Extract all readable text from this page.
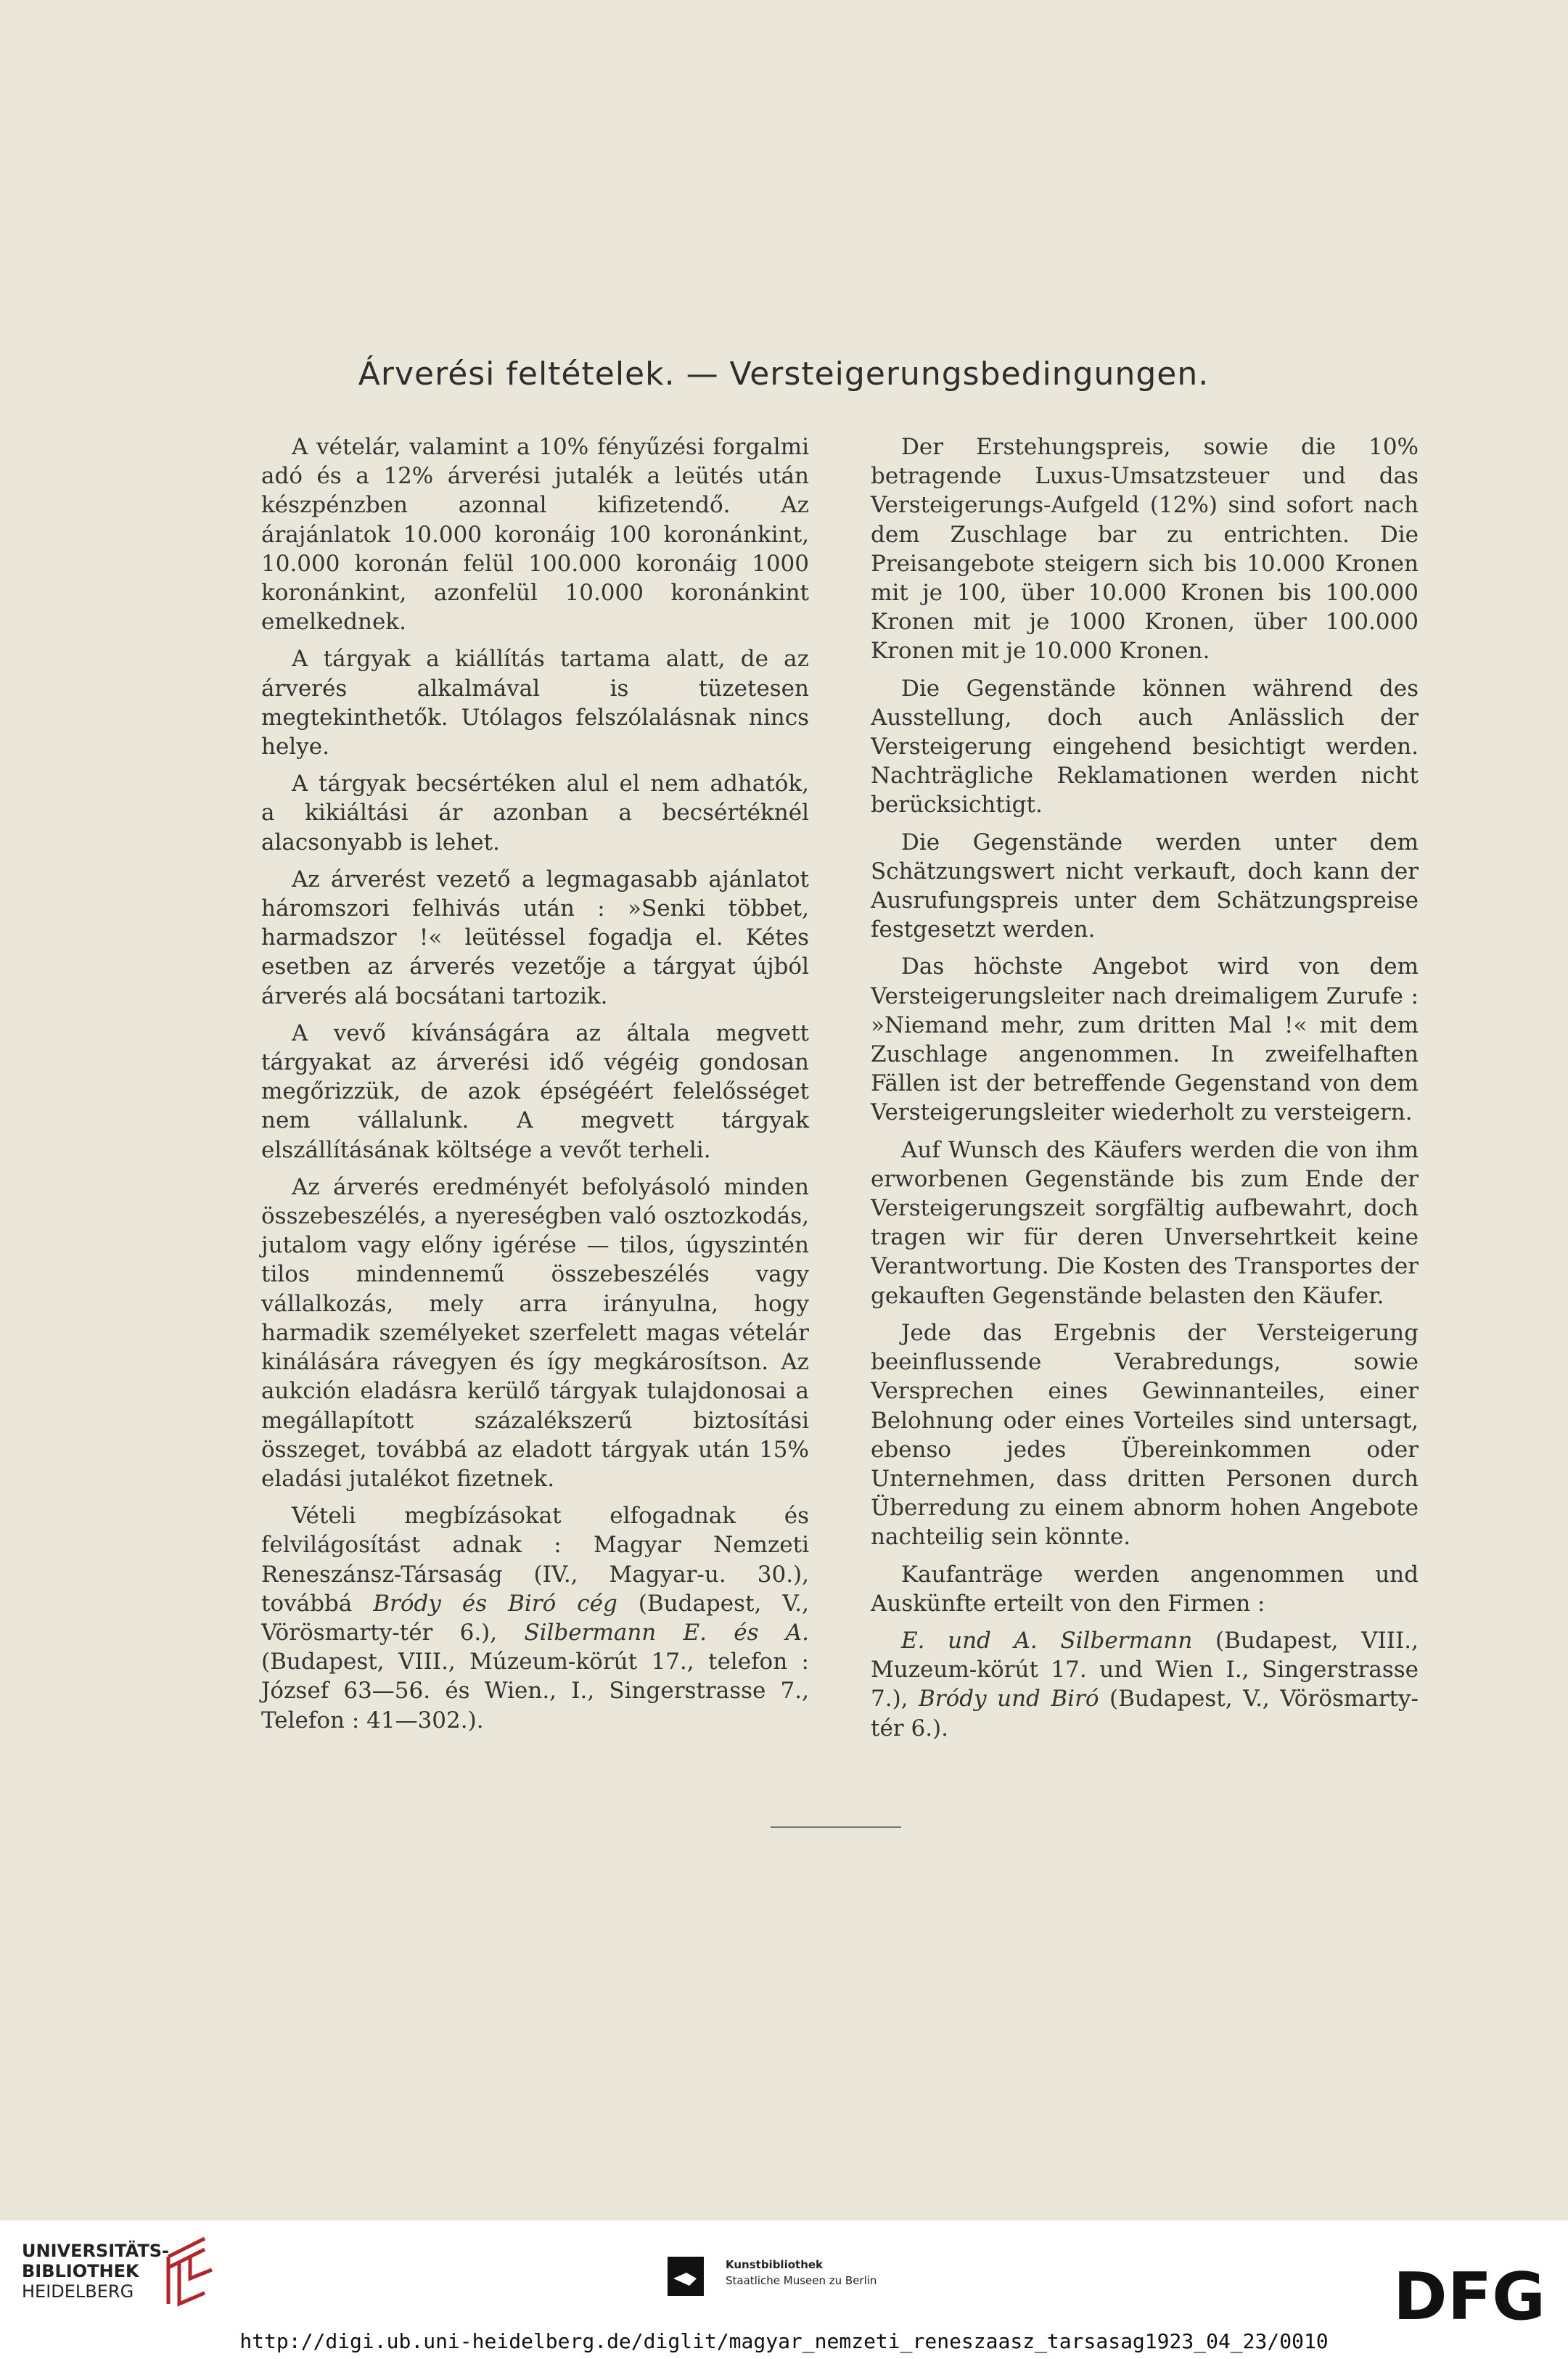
Árverési feltételek. — Versteigerungsbedingungen.

A vételár, valamint a 10% fényűzési forgalmi adó és a 12% árverési jutalék a leütés után készpénzben azonnal kifizetendő. Az árajánlatok 10.000 koronáig 100 koronánkint, 10.000 koronán felül 100.000 koronáig 1000 koronánkint, azonfelül 10.000 koronánkint emelkednek.

A tárgyak a kiállítás tartama alatt, de az árverés alkalmával is tüzetesen megtekinthetők. Utólagos felszólalásnak nincs helye.

A tárgyak becsértéken alul el nem adhatók, a kikiáltási ár azonban a becsértéknél alacsonyabb is lehet.

Az árverést vezető a legmagasabb ajánlatot háromszori felhivás után : »Senki többet, harmadszor !« leütéssel fogadja el. Kétes esetben az árverés vezetője a tárgyat újból árverés alá bocsátani tartozik.

A vevő kívánságára az általa megvett tárgyakat az árverési idő végéig gondosan megőrizzük, de azok épségéért felelősséget nem vállalunk. A megvett tárgyak elszállításának költsége a vevőt terheli.

Az árverés eredményét befolyásoló minden összebeszélés, a nyereségben való osztozkodás, jutalom vagy előny igérése — tilos, úgyszintén tilos mindennemű összebeszélés vagy vállalkozás, mely arra irányulna, hogy harmadik személyeket szerfelett magas vételár kinálására rávegyen és így megkárosítson. Az aukción eladásra kerülő tárgyak tulajdonosai a megállapított százalékszerű biztosítási összeget, továbbá az eladott tárgyak után 15% eladási jutalékot fizetnek.

Vételi megbízásokat elfogadnak és felvilágosítást adnak : Magyar Nemzeti Reneszánsz-Társaság (IV., Magyar-u. 30.), továbbá Bródy és Biró cég (Budapest, V., Vörösmarty-tér 6.), Silbermann E. és A. (Budapest, VIII., Múzeum-körút 17., telefon : József 63—56. és Wien., I., Singerstrasse 7., Telefon : 41—302.).

Der Erstehungspreis, sowie die 10% betragende Luxus-Umsatzsteuer und das Versteigerungs-Aufgeld (12%) sind sofort nach dem Zuschlage bar zu entrichten. Die Preisangebote steigern sich bis 10.000 Kronen mit je 100, über 10.000 Kronen bis 100.000 Kronen mit je 1000 Kronen, über 100.000 Kronen mit je 10.000 Kronen.

Die Gegenstände können während des Ausstellung, doch auch Anlässlich der Versteigerung eingehend besichtigt werden. Nachträgliche Reklamationen werden nicht berücksichtigt.

Die Gegenstände werden unter dem Schätzungswert nicht verkauft, doch kann der Ausrufungspreis unter dem Schätzungspreise festgesetzt werden.

Das höchste Angebot wird von dem Versteigerungsleiter nach dreimaligem Zurufe : »Niemand mehr, zum dritten Mal !« mit dem Zuschlage angenommen. In zweifelhaften Fällen ist der betreffende Gegenstand von dem Versteigerungsleiter wiederholt zu versteigern.

Auf Wunsch des Käufers werden die von ihm erworbenen Gegenstände bis zum Ende der Versteigerungszeit sorgfältig aufbewahrt, doch tragen wir für deren Unversehrtkeit keine Verantwortung. Die Kosten des Transportes der gekauften Gegenstände belasten den Käufer.

Jede das Ergebnis der Versteigerung beeinflussende Verabredungs, sowie Versprechen eines Gewinnanteiles, einer Belohnung oder eines Vorteiles sind untersagt, ebenso jedes Übereinkommen oder Unternehmen, dass dritten Personen durch Überredung zu einem abnorm hohen Angebote nachteilig sein könnte.

Kaufanträge werden angenommen und Auskünfte erteilt von den Firmen :

E. und A. Silbermann (Budapest, VIII., Muzeum-körút 17. und Wien I., Singerstrasse 7.), Bródy und Biró (Budapest, V., Vörösmarty-tér 6.).

UNIVERSITÄTS-
BIBLIOTHEK
HEIDELBERG
Kunstbibliothek
Staatliche Museen zu Berlin	DFG
http://digi.ub.uni-heidelberg.de/diglit/magyar_nemzeti_reneszaasz_tarsasag1923_04_23/0010
